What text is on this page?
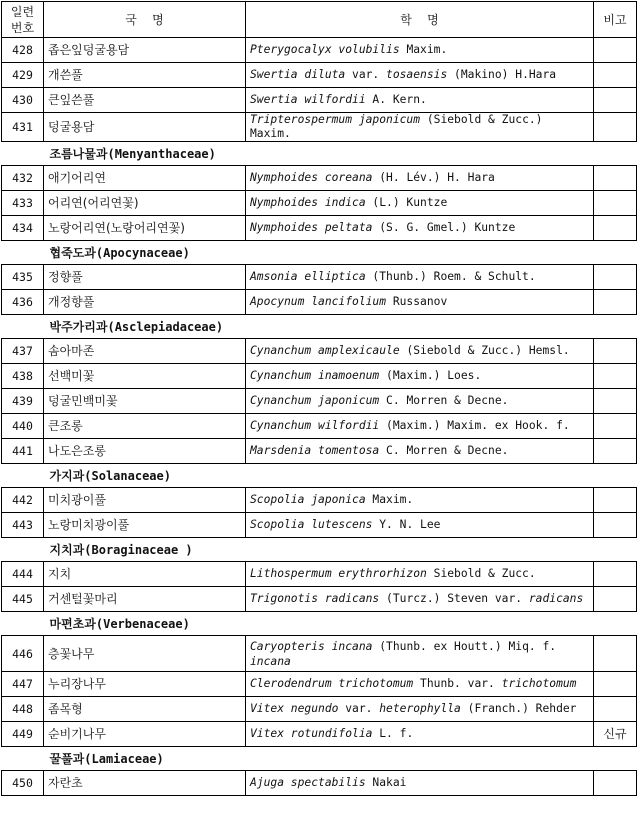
일련
번호	국    명	학    명	비고
428	좁은잎덩굴용담	Pterygocalyx volubilis Maxim.	
429	개쓴풀	Swertia diluta var. tosaensis (Makino) H.Hara	
430	큰잎쓴풀	Swertia wilfordii A. Kern.	
431	덩굴용담	Tripterospermum japonicum (Siebold & Zucc.) Maxim.	
조름나물과(Menyanthaceae)			
432	애기어리연	Nymphoides coreana (H. Lév.) H. Hara	
433	어리연(어리연꽃)	Nymphoides indica (L.) Kuntze	
434	노랑어리연(노랑어리연꽃)	Nymphoides peltata (S. G. Gmel.) Kuntze	
협죽도과(Apocynaceae)			
435	정향풀	Amsonia elliptica (Thunb.) Roem. & Schult.	
436	개정향풀	Apocynum lancifolium Russanov	
박주가리과(Asclepiadaceae)			
437	솜아마존	Cynanchum amplexicaule (Siebold & Zucc.) Hemsl.	
438	선백미꽃	Cynanchum inamoenum (Maxim.) Loes.	
439	덩굴민백미꽃	Cynanchum japonicum C. Morren & Decne.	
440	큰조롱	Cynanchum wilfordii (Maxim.) Maxim. ex Hook. f.	
441	나도은조롱	Marsdenia tomentosa C. Morren & Decne.	
가지과(Solanaceae)			
442	미치광이풀	Scopolia japonica Maxim.	
443	노랑미치광이풀	Scopolia lutescens Y. N. Lee	
지치과(Boraginaceae )			
444	지치	Lithospermum erythrorhizon Siebold & Zucc.	
445	거센털꽃마리	Trigonotis radicans (Turcz.) Steven var. radicans	
마편초과(Verbenaceae)			
446	층꽃나무	Caryopteris incana (Thunb. ex Houtt.) Miq. f. incana	
447	누리장나무	Clerodendrum trichotomum Thunb. var. trichotomum	
448	좀목형	Vitex negundo var. heterophylla (Franch.) Rehder	
449	순비기나무	Vitex rotundifolia L. f.	신규
꿀풀과(Lamiaceae)			
450	자란초	Ajuga spectabilis Nakai	
